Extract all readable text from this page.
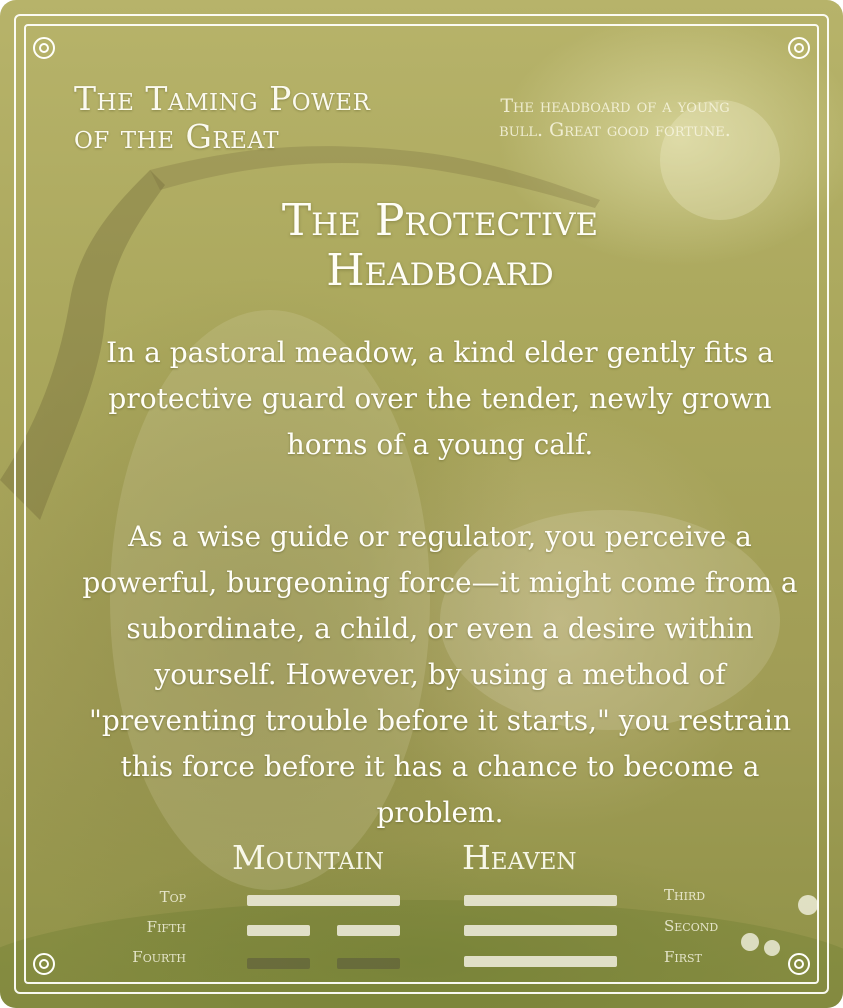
The Taming Power
of the Great
The headboard of a young
bull. Great good fortune.
The Protective
Headboard

In a pastoral meadow, a kind elder gently fits a protective guard over the tender, newly grown horns of a young calf.

As a wise guide or regulator, you perceive a powerful, burgeoning force—it might come from a subordinate, a child, or even a desire within yourself. However, by using a method of "preventing trouble before it starts," you restrain this force before it has a chance to become a problem.

Mountain Heaven
Top
Fifth
Fourth
Third
Second
First
